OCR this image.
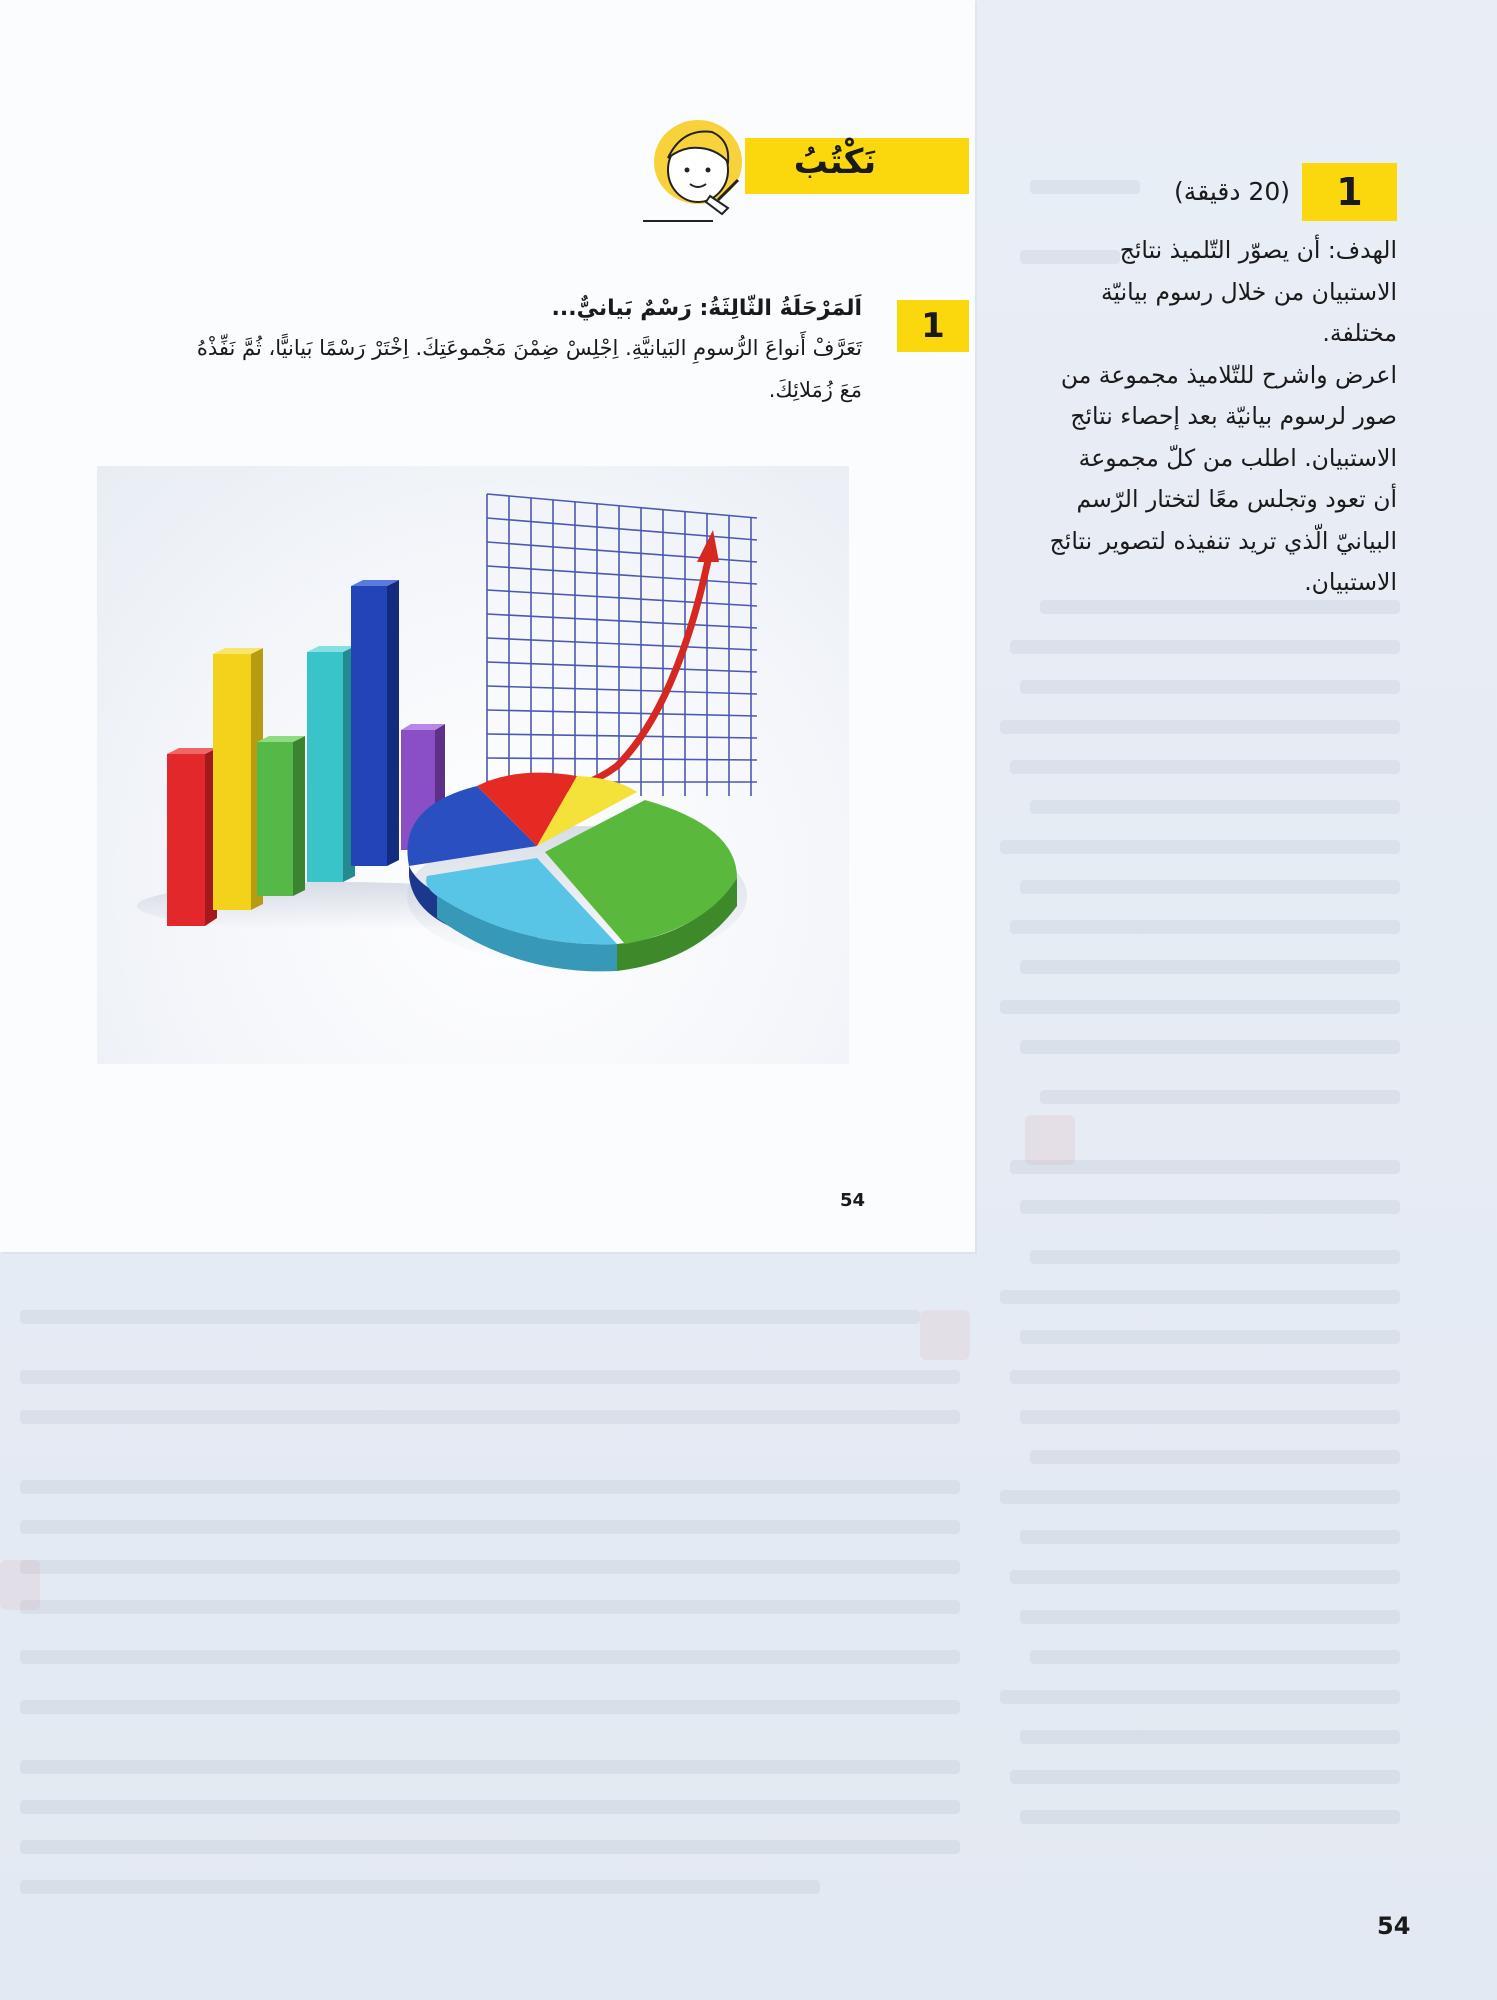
نَكْتُبُ
1
اَلمَرْحَلَةُ الثّالِثَةُ: رَسْمٌ بَيانيٌّ...
تَعَرَّفْ أَنواعَ الرُّسومِ البَيانيَّةِ. اِجْلِسْ ضِمْنَ مَجْموعَتِكَ. اِخْتَرْ رَسْمًا بَيانيًّا، ثُمَّ نَفِّذْهُ
مَعَ زُمَلائِكَ.
54
1
(20 دقيقة)
الهدف: أن يصوّر التّلميذ نتائج
الاستبيان من خلال رسوم بيانيّة
مختلفة.
اعرض واشرح للتّلاميذ مجموعة من
صور لرسوم بيانيّة بعد إحصاء نتائج
الاستبيان. اطلب من كلّ مجموعة
أن تعود وتجلس معًا لتختار الرّسم
البيانيّ الّذي تريد تنفيذه لتصوير نتائج
الاستبيان.
54
